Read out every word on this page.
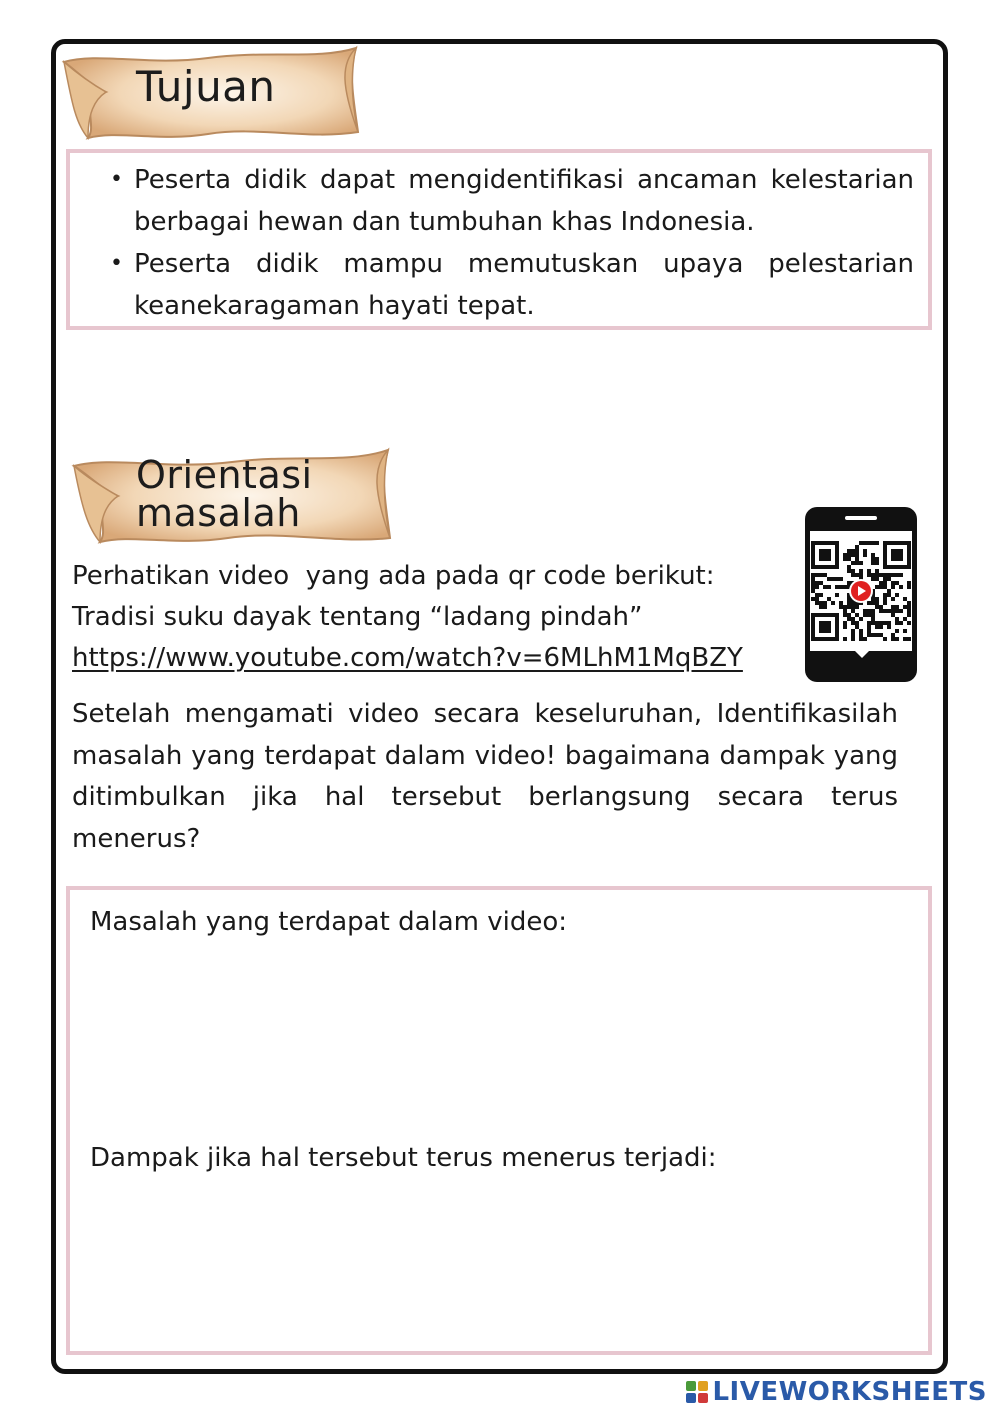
Tujuan
• Peserta didik dapat mengidentifikasi ancaman kelestarian
berbagai hewan dan tumbuhan khas Indonesia.
• Peserta didik mampu memutuskan upaya pelestarian
keanekaragaman hayati tepat.
Orientasi
masalah
Perhatikan video  yang ada pada qr code berikut:
Tradisi suku dayak tentang “ladang pindah”
https://www.youtube.com/watch?v=6MLhM1MqBZY
Setelah mengamati video secara keseluruhan, Identifikasilah
masalah yang terdapat dalam video! bagaimana dampak yang
ditimbulkan jika hal tersebut berlangsung secara terus
menerus?
Masalah yang terdapat dalam video:
Dampak jika hal tersebut terus menerus terjadi:
LIVEWORKSHEETS
